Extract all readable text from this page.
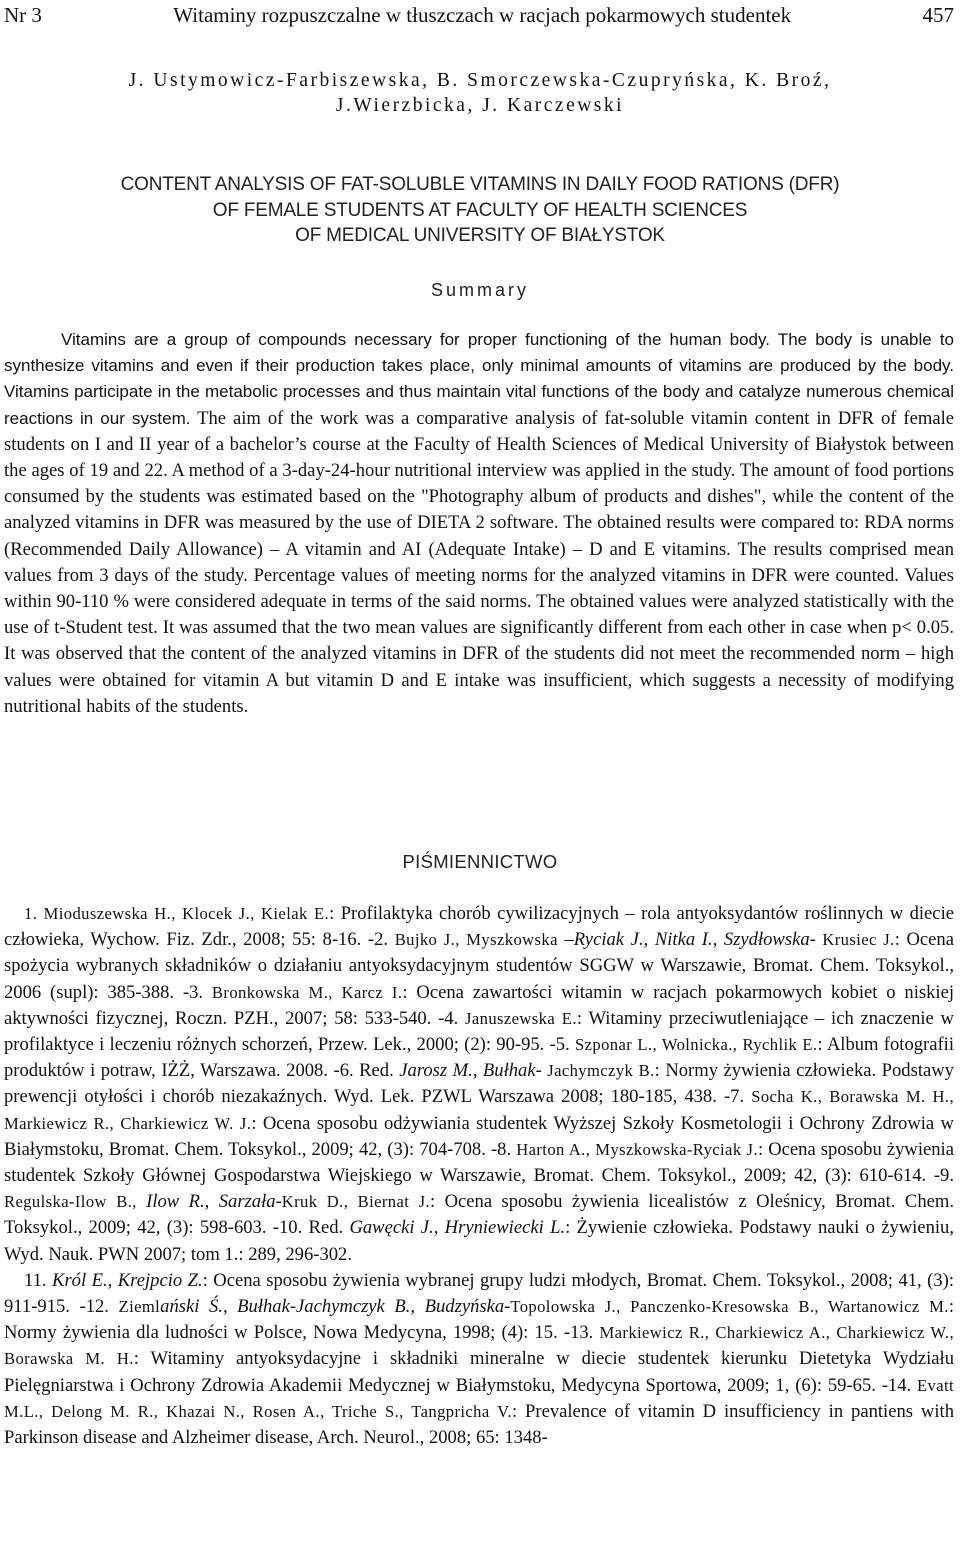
Nr 3	Witaminy rozpuszczalne w tłuszczach w racjach pokarmowych studentek	457
J. Ustymowicz-Farbiszewska, B. Smorczewska-Czupryńska, K. Broź,
J.Wierzbicka, J. Karczewski
CONTENT ANALYSIS OF FAT-SOLUBLE VITAMINS IN DAILY FOOD RATIONS (DFR)
OF FEMALE STUDENTS AT FACULTY OF HEALTH SCIENCES
OF MEDICAL UNIVERSITY OF BIAŁYSTOK
Summary
Vitamins are a group of compounds necessary for proper functioning of the human body. The body is unable to synthesize vitamins and even if their production takes place, only minimal amounts of vitamins are produced by the body. Vitamins participate in the metabolic processes and thus maintain vital functions of the body and catalyze numerous chemical reactions in our system. The aim of the work was a comparative analysis of fat-soluble vitamin content in DFR of female students on I and II year of a bachelor’s course at the Faculty of Health Sciences of Medical University of Białystok between the ages of 19 and 22. A method of a 3-day-24-hour nutritional interview was applied in the study. The amount of food portions consumed by the students was estimated based on the "Photography album of products and dishes", while the content of the analyzed vitamins in DFR was measured by the use of DIETA 2 software. The obtained results were compared to: RDA norms (Recommended Daily Allowance) – A vitamin and AI (Adequate Intake) – D and E vitamins. The results comprised mean values from 3 days of the study. Percentage values of meeting norms for the analyzed vitamins in DFR were counted. Values within 90-110 % were considered adequate in terms of the said norms. The obtained values were analyzed statistically with the use of t-Student test. It was assumed that the two mean values are significantly different from each other in case when p< 0.05. It was observed that the content of the analyzed vitamins in DFR of the students did not meet the recommended norm – high values were obtained for vitamin A but vitamin D and E intake was insufficient, which suggests a necessity of modifying nutritional habits of the students.
PIŚMIENNICTWO

1. Mioduszewska H., Klocek J., Kielak E.: Profilaktyka chorób cywilizacyjnych – rola antyoksydantów roślinnych w diecie człowieka, Wychow. Fiz. Zdr., 2008; 55: 8-16. -2. Bujko J., Myszkowska –Ryciak J., Nitka I., Szydłowska- Krusiec J.: Ocena spożycia wybranych składników o działaniu antyoksydacyjnym studentów SGGW w Warszawie, Bromat. Chem. Toksykol., 2006 (supl): 385-388. -3. Bronkowska M., Karcz I.: Ocena zawartości witamin w racjach pokarmowych kobiet o niskiej aktywności fizycznej, Roczn. PZH., 2007; 58: 533-540. -4. Januszewska E.: Witaminy przeciwutleniające – ich znaczenie w profilaktyce i leczeniu różnych schorzeń, Przew. Lek., 2000; (2): 90-95. -5. Szponar L., Wolnicka., Rychlik E.: Album fotografii produktów i potraw, IŻŻ, Warszawa. 2008. -6. Red. Jarosz M., Bułhak- Jachymczyk B.: Normy żywienia człowieka. Podstawy prewencji otyłości i chorób niezakaźnych. Wyd. Lek. PZWL Warszawa 2008; 180-185, 438. -7. Socha K., Borawska M. H., Markiewicz R., Charkiewicz W. J.: Ocena sposobu odżywiania studentek Wyższej Szkoły Kosmetologii i Ochrony Zdrowia w Białymstoku, Bromat. Chem. Toksykol., 2009; 42, (3): 704-708. -8. Harton A., Myszkowska-Ryciak J.: Ocena sposobu żywienia studentek Szkoły Głównej Gospodarstwa Wiejskiego w Warszawie, Bromat. Chem. Toksykol., 2009; 42, (3): 610-614. -9. Regulska-Ilow B., Ilow R., Sarzała-Kruk D., Biernat J.: Ocena sposobu żywienia licealistów z Oleśnicy, Bromat. Chem. Toksykol., 2009; 42, (3): 598-603. -10. Red. Gawęcki J., Hryniewiecki L.: Żywienie człowieka. Podstawy nauki o żywieniu, Wyd. Nauk. PWN 2007; tom 1.: 289, 296-302.

11. Król E., Krejpcio Z.: Ocena sposobu żywienia wybranej grupy ludzi młodych, Bromat. Chem. Toksykol., 2008; 41, (3): 911-915. -12. Ziemlański Ś., Bułhak-Jachymczyk B., Budzyńska-Topolowska J., Panczenko-Kresowska B., Wartanowicz M.: Normy żywienia dla ludności w Polsce, Nowa Medycyna, 1998; (4): 15. -13. Markiewicz R., Charkiewicz A., Charkiewicz W., Borawska M. H.: Witaminy antyoksydacyjne i składniki mineralne w diecie studentek kierunku Dietetyka Wydziału Pielęgniarstwa i Ochrony Zdrowia Akademii Medycznej w Białymstoku, Medycyna Sportowa, 2009; 1, (6): 59-65. -14. Evatt M.L., Delong M. R., Khazai N., Rosen A., Triche S., Tangpricha V.: Prevalence of vitamin D insufficiency in pantiens with Parkinson disease and Alzheimer disease, Arch. Neurol., 2008; 65: 1348-
